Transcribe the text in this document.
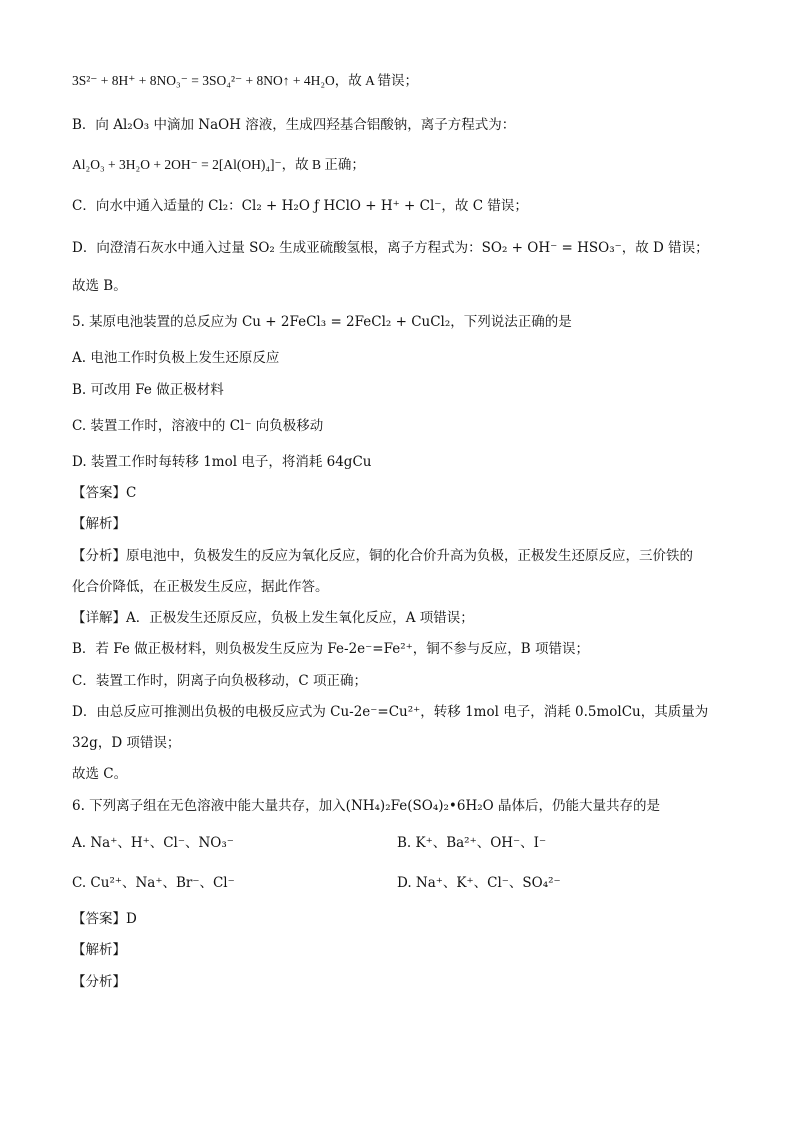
3S²⁻ + 8H⁺ + 8NO₃⁻ = 3SO₄²⁻ + 8NO↑ + 4H₂O，故 A 错误；
B．向 Al₂O₃ 中滴加 NaOH 溶液，生成四羟基合铝酸钠，离子方程式为：
Al₂O₃ + 3H₂O + 2OH⁻ = 2[Al(OH)₄]⁻，故 B 正确；
C．向水中通入适量的 Cl₂：Cl₂ + H₂O ƒ HClO + H⁺ + Cl⁻，故 C 错误；
D．向澄清石灰水中通入过量 SO₂ 生成亚硫酸氢根，离子方程式为：SO₂ + OH⁻ = HSO₃⁻，故 D 错误；
故选 B。
5. 某原电池装置的总反应为 Cu + 2FeCl₃ = 2FeCl₂ + CuCl₂，下列说法正确的是
A. 电池工作时负极上发生还原反应
B. 可改用 Fe 做正极材料
C. 装置工作时，溶液中的 Cl⁻ 向负极移动
D. 装置工作时每转移 1mol 电子，将消耗 64gCu
【答案】C
【解析】
【分析】原电池中，负极发生的反应为氧化反应，铜的化合价升高为负极，正极发生还原反应，三价铁的
化合价降低，在正极发生反应，据此作答。
【详解】A．正极发生还原反应，负极上发生氧化反应，A 项错误；
B．若 Fe 做正极材料，则负极发生反应为 Fe-2e⁻=Fe²⁺，铜不参与反应，B 项错误；
C．装置工作时，阴离子向负极移动，C 项正确；
D．由总反应可推测出负极的电极反应式为 Cu-2e⁻=Cu²⁺，转移 1mol 电子，消耗 0.5molCu，其质量为
32g，D 项错误；
故选 C。
6. 下列离子组在无色溶液中能大量共存，加入(NH₄)₂Fe(SO₄)₂•6H₂O 晶体后，仍能大量共存的是
A. Na⁺、H⁺、Cl⁻、NO₃⁻	B. K⁺、Ba²⁺、OH⁻、I⁻
C. Cu²⁺、Na⁺、Br⁻、Cl⁻	D. Na⁺、K⁺、Cl⁻、SO₄²⁻
【答案】D
【解析】
【分析】
